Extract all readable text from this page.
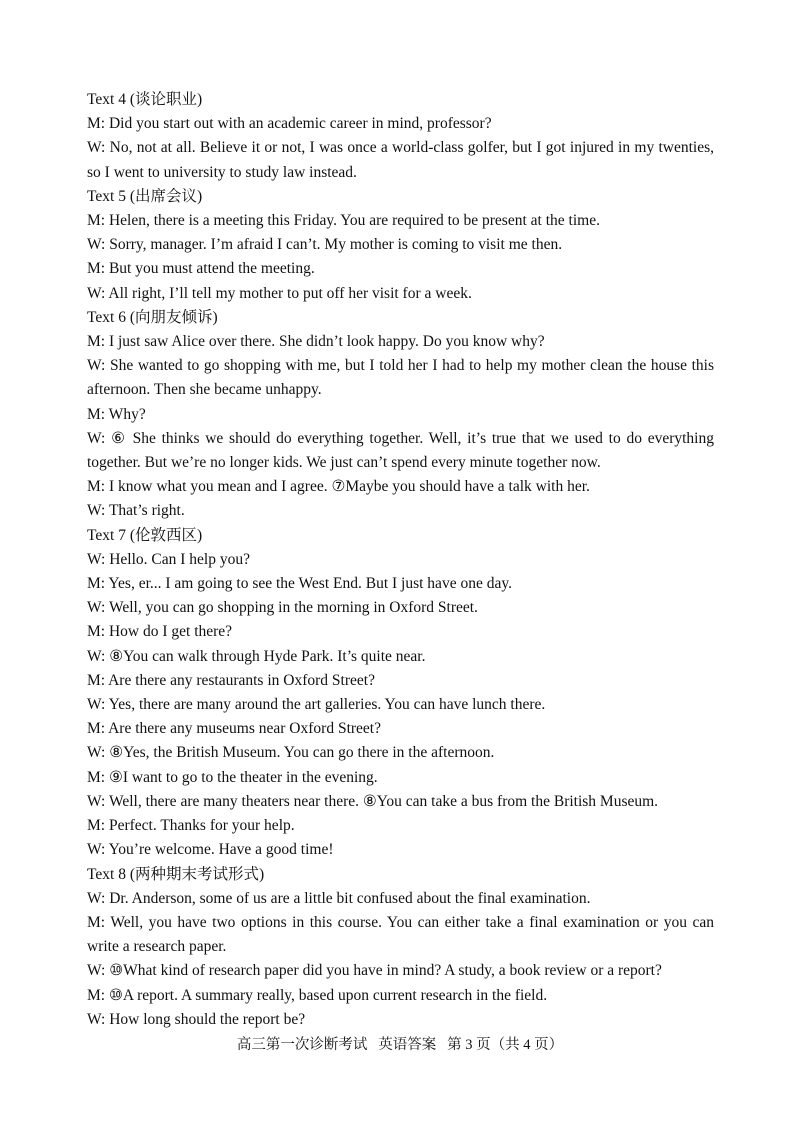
Text 4 (谈论职业)
M: Did you start out with an academic career in mind, professor?
W: No, not at all. Believe it or not, I was once a world-class golfer, but I got injured in my twenties, so I went to university to study law instead.
Text 5 (出席会议)
M: Helen, there is a meeting this Friday. You are required to be present at the time.
W: Sorry, manager. I’m afraid I can’t. My mother is coming to visit me then.
M: But you must attend the meeting.
W: All right, I’ll tell my mother to put off her visit for a week.
Text 6 (向朋友倾诉)
M: I just saw Alice over there. She didn’t look happy. Do you know why?
W: She wanted to go shopping with me, but I told her I had to help my mother clean the house this afternoon. Then she became unhappy.
M: Why?
W: ⑥ She thinks we should do everything together. Well, it’s true that we used to do everything together. But we’re no longer kids. We just can’t spend every minute together now.
M: I know what you mean and I agree. ⑦Maybe you should have a talk with her.
W: That’s right.
Text 7 (伦敦西区)
W: Hello. Can I help you?
M: Yes, er... I am going to see the West End. But I just have one day.
W: Well, you can go shopping in the morning in Oxford Street.
M: How do I get there?
W: ⑧You can walk through Hyde Park. It’s quite near.
M: Are there any restaurants in Oxford Street?
W: Yes, there are many around the art galleries. You can have lunch there.
M: Are there any museums near Oxford Street?
W: ⑧Yes, the British Museum. You can go there in the afternoon.
M: ⑨I want to go to the theater in the evening.
W: Well, there are many theaters near there. ⑧You can take a bus from the British Museum.
M: Perfect. Thanks for your help.
W: You’re welcome. Have a good time!
Text 8 (两种期末考试形式)
W: Dr. Anderson, some of us are a little bit confused about the final examination.
M: Well, you have two options in this course. You can either take a final examination or you can write a research paper.
W: ⑩What kind of research paper did you have in mind? A study, a book review or a report?
M: ⑩A report. A summary really, based upon current research in the field.
W: How long should the report be?
高三第一次诊断考试   英语答案   第 3 页（共 4 页）
